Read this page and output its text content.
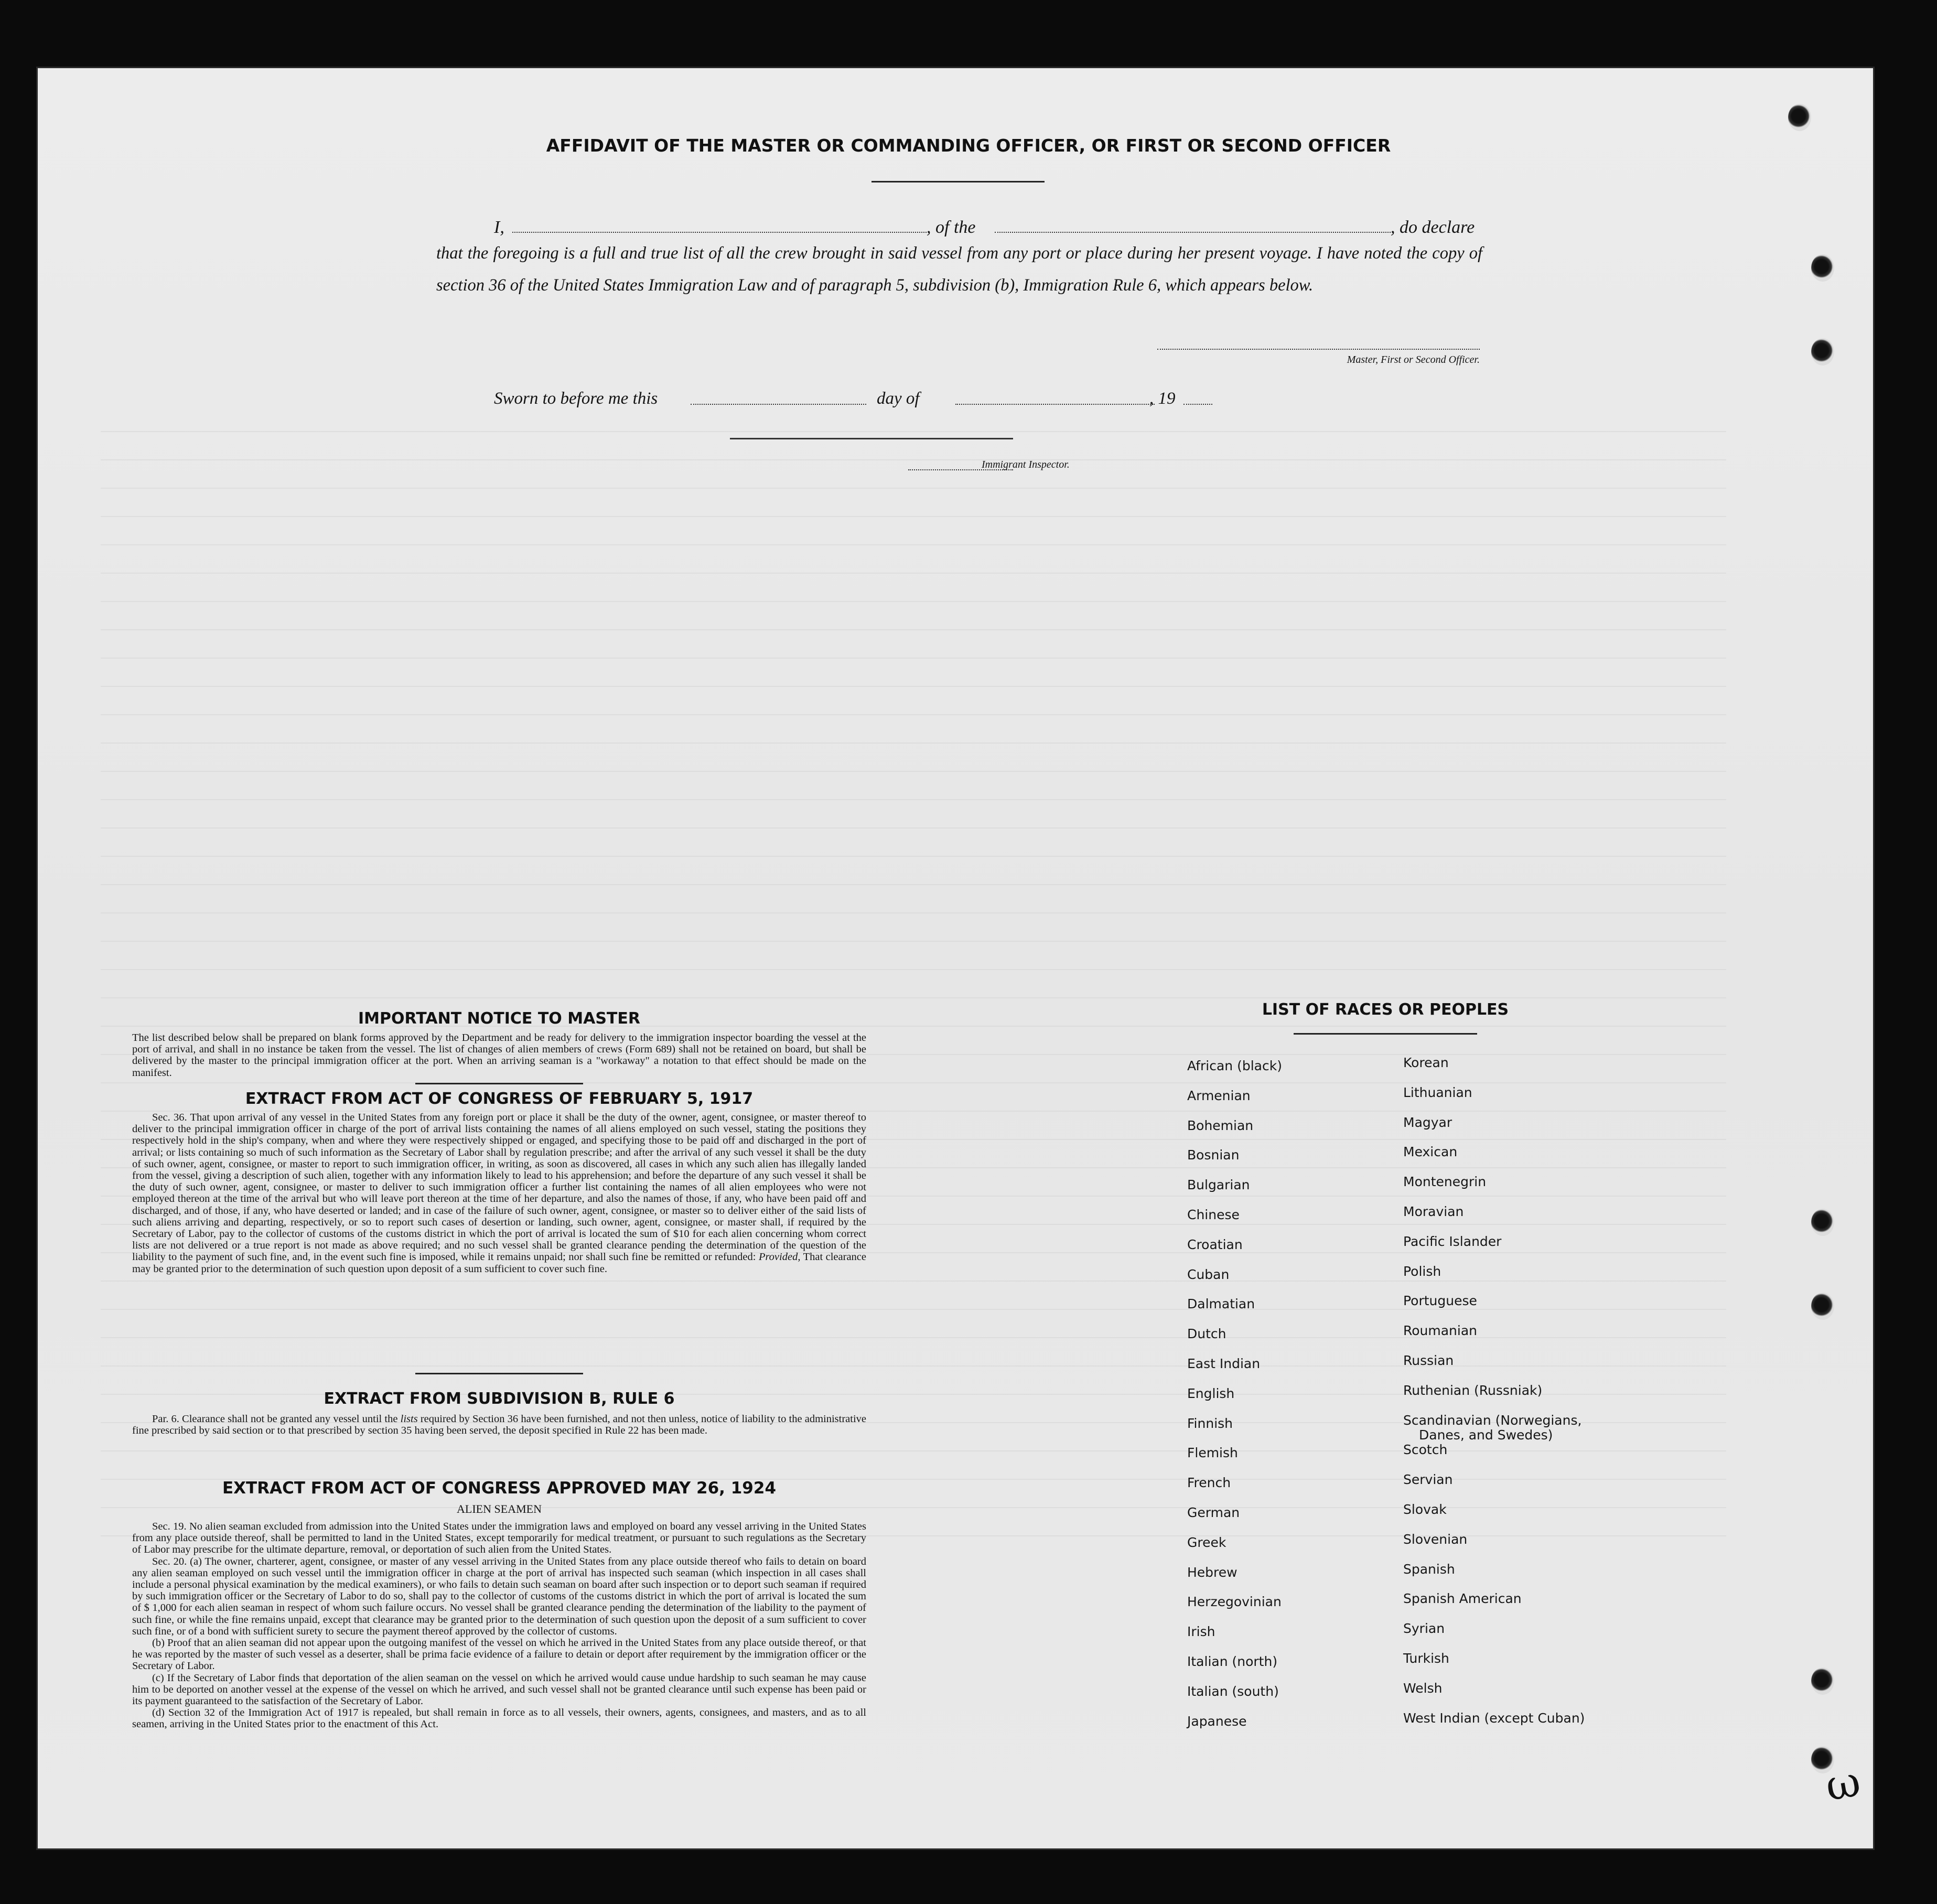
AFFIDAVIT OF THE MASTER OR COMMANDING OFFICER, OR FIRST OR SECOND OFFICER
I,	, of the	, do declare
that the foregoing is a full and true list of all the crew brought in said vessel from any port or place during her present voyage. I have noted the copy of section 36 of the United States Immigration Law and of paragraph 5, subdivision (b), Immigration Rule 6, which appears below.
Master, First or Second Officer.
Sworn to before me this	day of	, 19
Immigrant Inspector.
IMPORTANT NOTICE TO MASTER
The list described below shall be prepared on blank forms approved by the Department and be ready for delivery to the immigration inspector boarding the vessel at the port of arrival, and shall in no instance be taken from the vessel. The list of changes of alien members of crews (Form 689) shall not be retained on board, but shall be delivered by the master to the principal immigration officer at the port. When an arriving seaman is a "workaway" a notation to that effect should be made on the manifest.
EXTRACT FROM ACT OF CONGRESS OF FEBRUARY 5, 1917

Sec. 36. That upon arrival of any vessel in the United States from any foreign port or place it shall be the duty of the owner, agent, consignee, or master thereof to deliver to the principal immigration officer in charge of the port of arrival lists containing the names of all aliens employed on such vessel, stating the positions they respectively hold in the ship's company, when and where they were respectively shipped or engaged, and specifying those to be paid off and discharged in the port of arrival; or lists containing so much of such information as the Secretary of Labor shall by regulation prescribe; and after the arrival of any such vessel it shall be the duty of such owner, agent, consignee, or master to report to such immigration officer, in writing, as soon as discovered, all cases in which any such alien has illegally landed from the vessel, giving a description of such alien, together with any information likely to lead to his apprehension; and before the departure of any such vessel it shall be the duty of such owner, agent, consignee, or master to deliver to such immigration officer a further list containing the names of all alien employees who were not employed thereon at the time of the arrival but who will leave port thereon at the time of her departure, and also the names of those, if any, who have been paid off and discharged, and of those, if any, who have deserted or landed; and in case of the failure of such owner, agent, consignee, or master so to deliver either of the said lists of such aliens arriving and departing, respectively, or so to report such cases of desertion or landing, such owner, agent, consignee, or master shall, if required by the Secretary of Labor, pay to the collector of customs of the customs district in which the port of arrival is located the sum of $10 for each alien concerning whom correct lists are not delivered or a true report is not made as above required; and no such vessel shall be granted clearance pending the determination of the question of the liability to the payment of such fine, and, in the event such fine is imposed, while it remains unpaid; nor shall such fine be remitted or refunded: Provided, That clearance may be granted prior to the determination of such question upon deposit of a sum sufficient to cover such fine.

EXTRACT FROM SUBDIVISION B, RULE 6

Par. 6. Clearance shall not be granted any vessel until the lists required by Section 36 have been furnished, and not then unless, notice of liability to the administrative fine prescribed by said section or to that prescribed by section 35 having been served, the deposit specified in Rule 22 has been made.

EXTRACT FROM ACT OF CONGRESS APPROVED MAY 26, 1924
ALIEN SEAMEN

Sec. 19. No alien seaman excluded from admission into the United States under the immigration laws and employed on board any vessel arriving in the United States from any place outside thereof, shall be permitted to land in the United States, except temporarily for medical treatment, or pursuant to such regulations as the Secretary of Labor may prescribe for the ultimate departure, removal, or deportation of such alien from the United States.

Sec. 20. (a) The owner, charterer, agent, consignee, or master of any vessel arriving in the United States from any place outside thereof who fails to detain on board any alien seaman employed on such vessel until the immigration officer in charge at the port of arrival has inspected such seaman (which inspection in all cases shall include a personal physical examination by the medical examiners), or who fails to detain such seaman on board after such inspection or to deport such seaman if required by such immigration officer or the Secretary of Labor to do so, shall pay to the collector of customs of the customs district in which the port of arrival is located the sum of $ 1,000 for each alien seaman in respect of whom such failure occurs. No vessel shall be granted clearance pending the determination of the liability to the payment of such fine, or while the fine remains unpaid, except that clearance may be granted prior to the determination of such question upon the deposit of a sum sufficient to cover such fine, or of a bond with sufficient surety to secure the payment thereof approved by the collector of customs.

(b) Proof that an alien seaman did not appear upon the outgoing manifest of the vessel on which he arrived in the United States from any place outside thereof, or that he was reported by the master of such vessel as a deserter, shall be prima facie evidence of a failure to detain or deport after requirement by the immigration officer or the Secretary of Labor.

(c) If the Secretary of Labor finds that deportation of the alien seaman on the vessel on which he arrived would cause undue hardship to such seaman he may cause him to be deported on another vessel at the expense of the vessel on which he arrived, and such vessel shall not be granted clearance until such expense has been paid or its payment guaranteed to the satisfaction of the Secretary of Labor.

(d) Section 32 of the Immigration Act of 1917 is repealed, but shall remain in force as to all vessels, their owners, agents, consignees, and masters, and as to all seamen, arriving in the United States prior to the enactment of this Act.

LIST OF RACES OR PEOPLES
African (black)
Armenian
Bohemian
Bosnian
Bulgarian
Chinese
Croatian
Cuban
Dalmatian
Dutch
East Indian
English
Finnish
Flemish
French
German
Greek
Hebrew
Herzegovinian
Irish
Italian (north)
Italian (south)
Japanese
Korean
Lithuanian
Magyar
Mexican
Montenegrin
Moravian
Pacific Islander
Polish
Portuguese
Roumanian
Russian
Ruthenian (Russniak)
Scandinavian (Norwegians,
Danes, and Swedes)
Scotch
Servian
Slovak
Slovenian
Spanish
Spanish American
Syrian
Turkish
Welsh
West Indian (except Cuban)
ω
